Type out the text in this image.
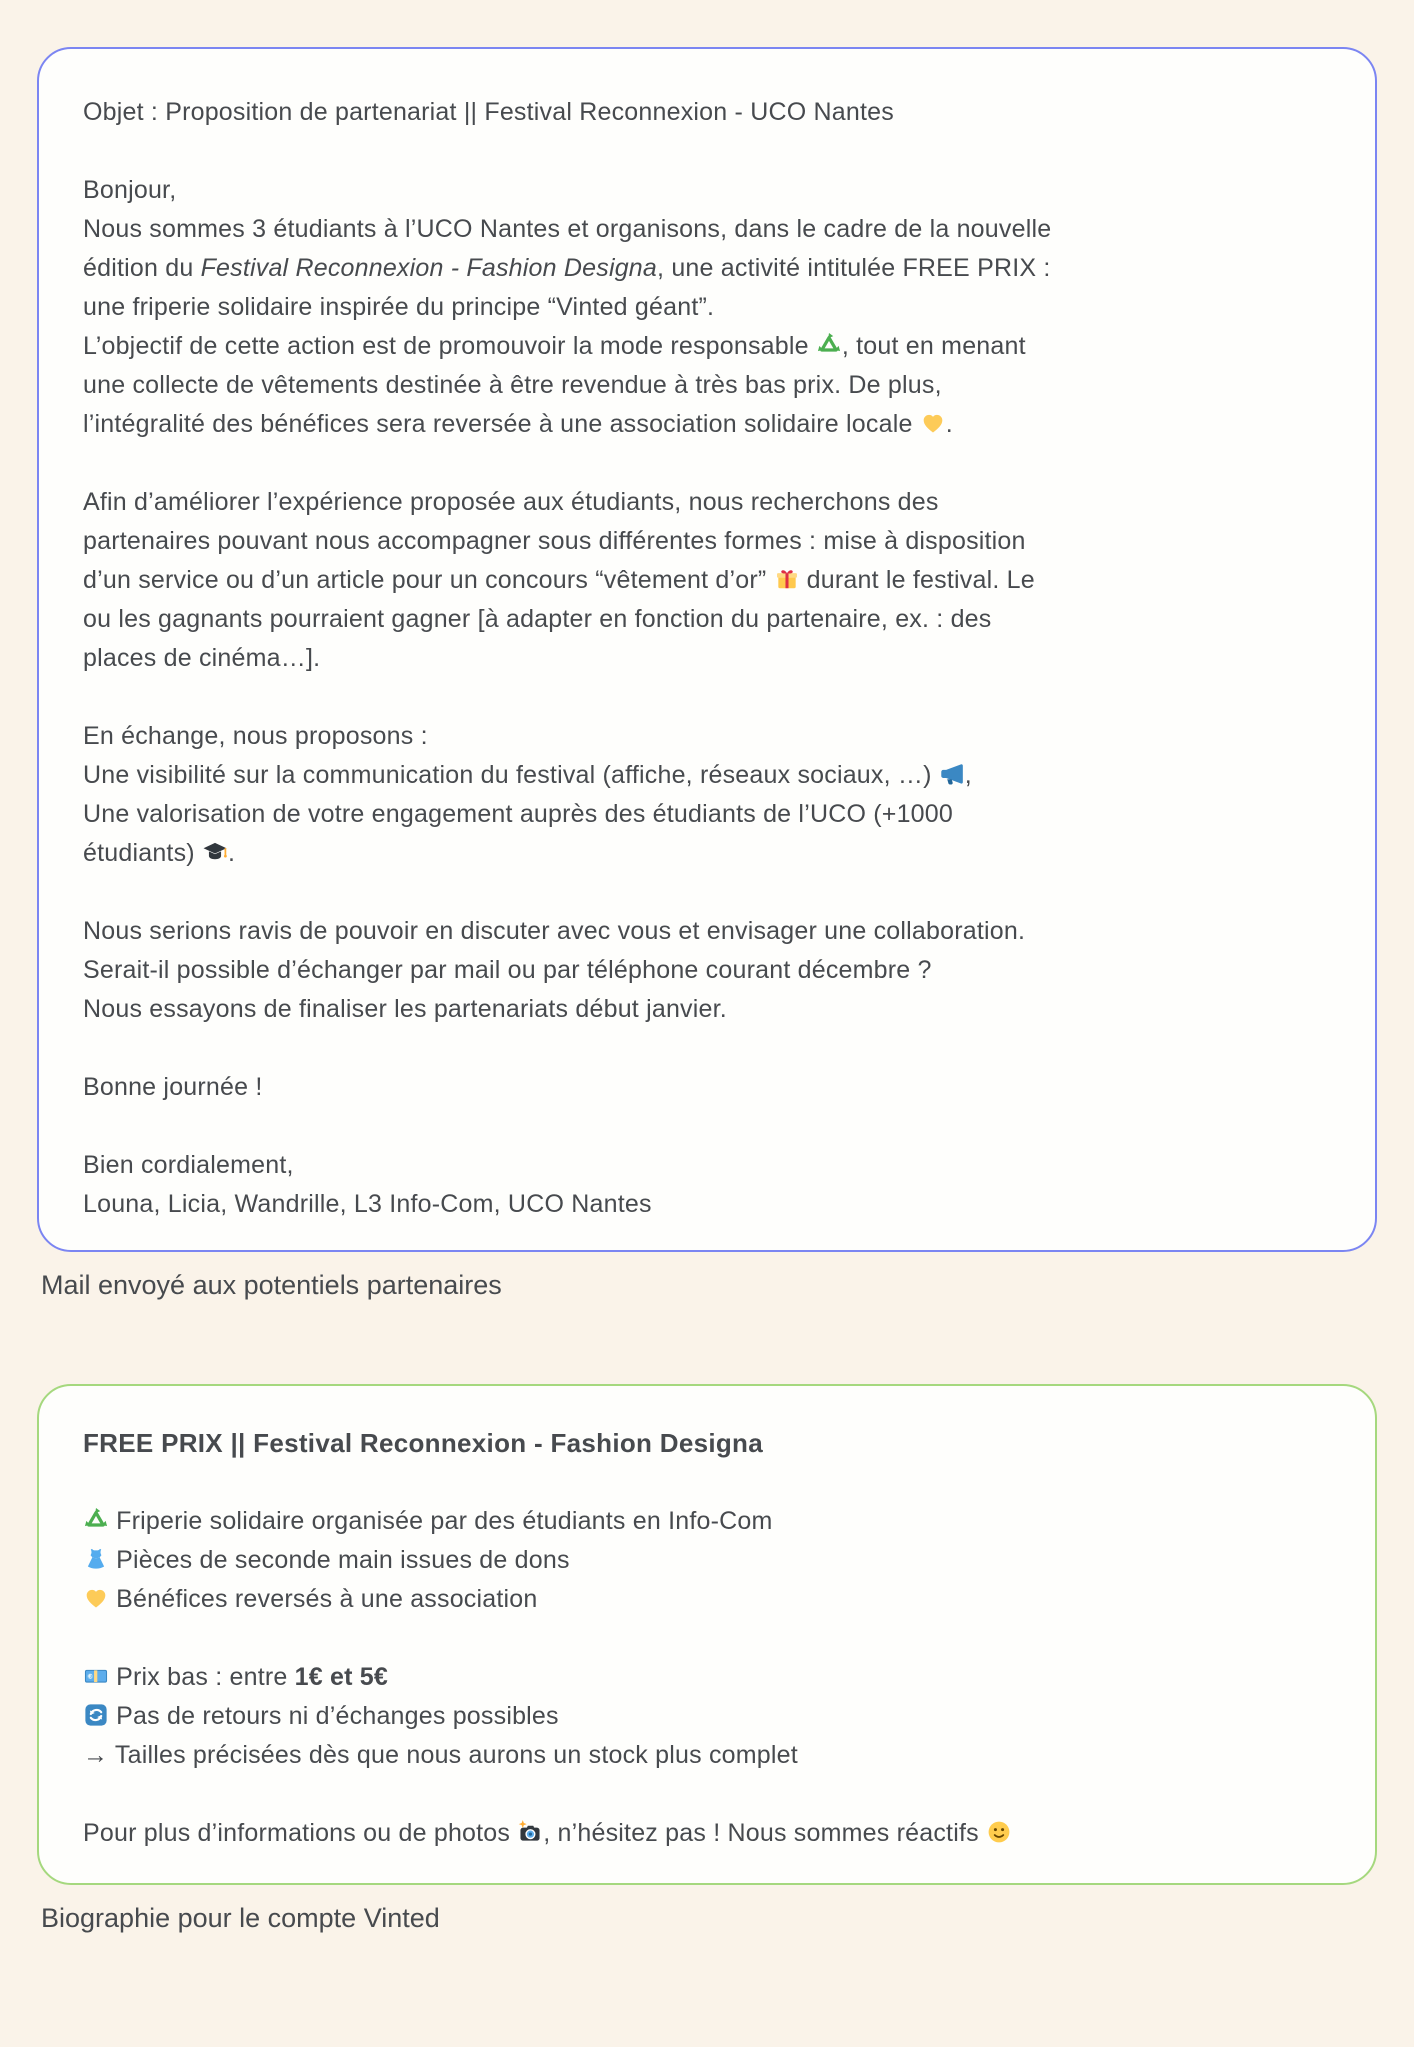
Objet : Proposition de partenariat || Festival Reconnexion - UCO Nantes
Bonjour,
Nous sommes 3 étudiants à l’UCO Nantes et organisons, dans le cadre de la nouvelle
édition du Festival Reconnexion - Fashion Designa, une activité intitulée FREE PRIX :
une friperie solidaire inspirée du principe “Vinted géant”.
L’objectif de cette action est de promouvoir la mode responsable , tout en menant
une collecte de vêtements destinée à être revendue à très bas prix. De plus,
l’intégralité des bénéfices sera reversée à une association solidaire locale .
Afin d’améliorer l’expérience proposée aux étudiants, nous recherchons des
partenaires pouvant nous accompagner sous différentes formes : mise à disposition
d’un service ou d’un article pour un concours “vêtement d’or”  durant le festival. Le
ou les gagnants pourraient gagner [à adapter en fonction du partenaire, ex. : des
places de cinéma…].
En échange, nous proposons :
Une visibilité sur la communication du festival (affiche, réseaux sociaux, …) ,
Une valorisation de votre engagement auprès des étudiants de l’UCO (+1000
étudiants) .
Nous serions ravis de pouvoir en discuter avec vous et envisager une collaboration.
Serait-il possible d’échanger par mail ou par téléphone courant décembre ?
Nous essayons de finaliser les partenariats début janvier.
Bonne journée !
Bien cordialement,
Louna, Licia, Wandrille, L3 Info-Com, UCO Nantes
Mail envoyé aux potentiels partenaires
FREE PRIX || Festival Reconnexion - Fashion Designa
Friperie solidaire organisée par des étudiants en Info-Com
Pièces de seconde main issues de dons
Bénéfices reversés à une association
€ Prix bas : entre 1€ et 5€
Pas de retours ni d’échanges possibles
→ Tailles précisées dès que nous aurons un stock plus complet
Pour plus d’informations ou de photos , n’hésitez pas ! Nous sommes réactifs
Biographie pour le compte Vinted
